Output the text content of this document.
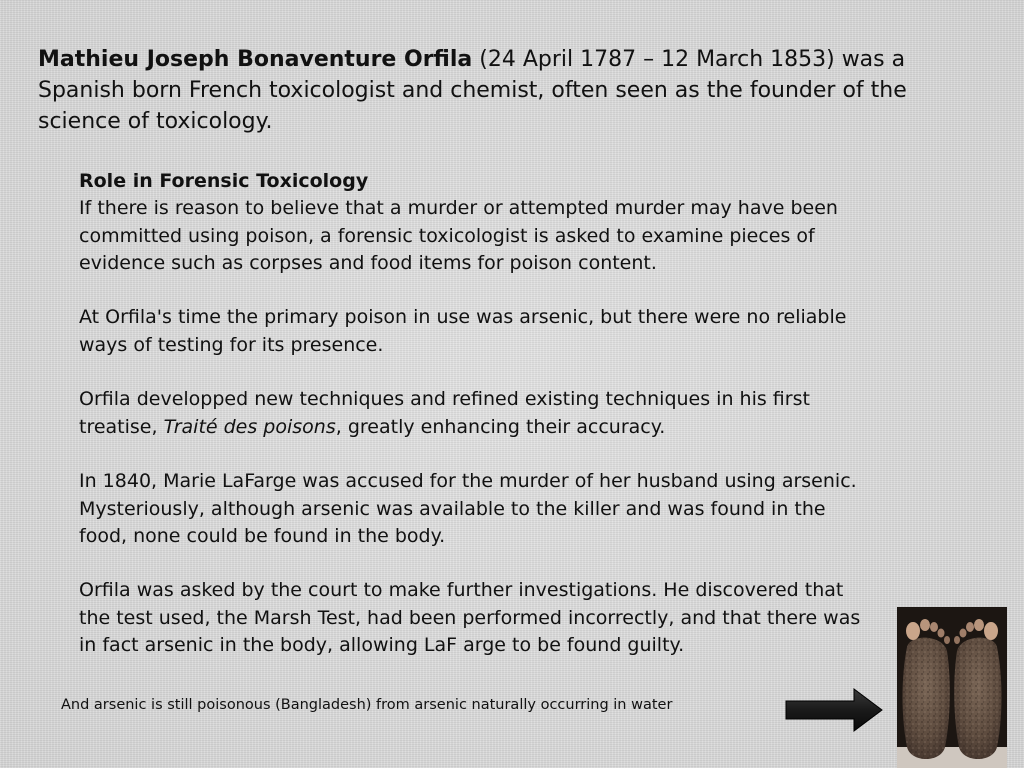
Mathieu Joseph Bonaventure Orfila (24 April 1787 – 12 March 1853) was a Spanish born French toxicologist and chemist, often seen as the founder of the science of toxicology.

Role in Forensic Toxicology

If there is reason to believe that a murder or attempted murder may have been committed using poison, a forensic toxicologist is asked to examine pieces of evidence such as corpses and food items for poison content.

At Orfila's time the primary poison in use was arsenic, but there were no reliable ways of testing for its presence.

Orfila developped new techniques and refined existing techniques in his first treatise, Traité des poisons, greatly enhancing their accuracy.

In 1840, Marie LaFarge was accused for the murder of her husband using arsenic. Mysteriously, although arsenic was available to the killer and was found in the food, none could be found in the body.

Orfila was asked by the court to make further investigations. He discovered that the test used, the Marsh Test, had been performed incorrectly, and that there was in fact arsenic in the body, allowing LaF arge to be found guilty.

And arsenic is still poisonous (Bangladesh) from arsenic naturally occurring in water
